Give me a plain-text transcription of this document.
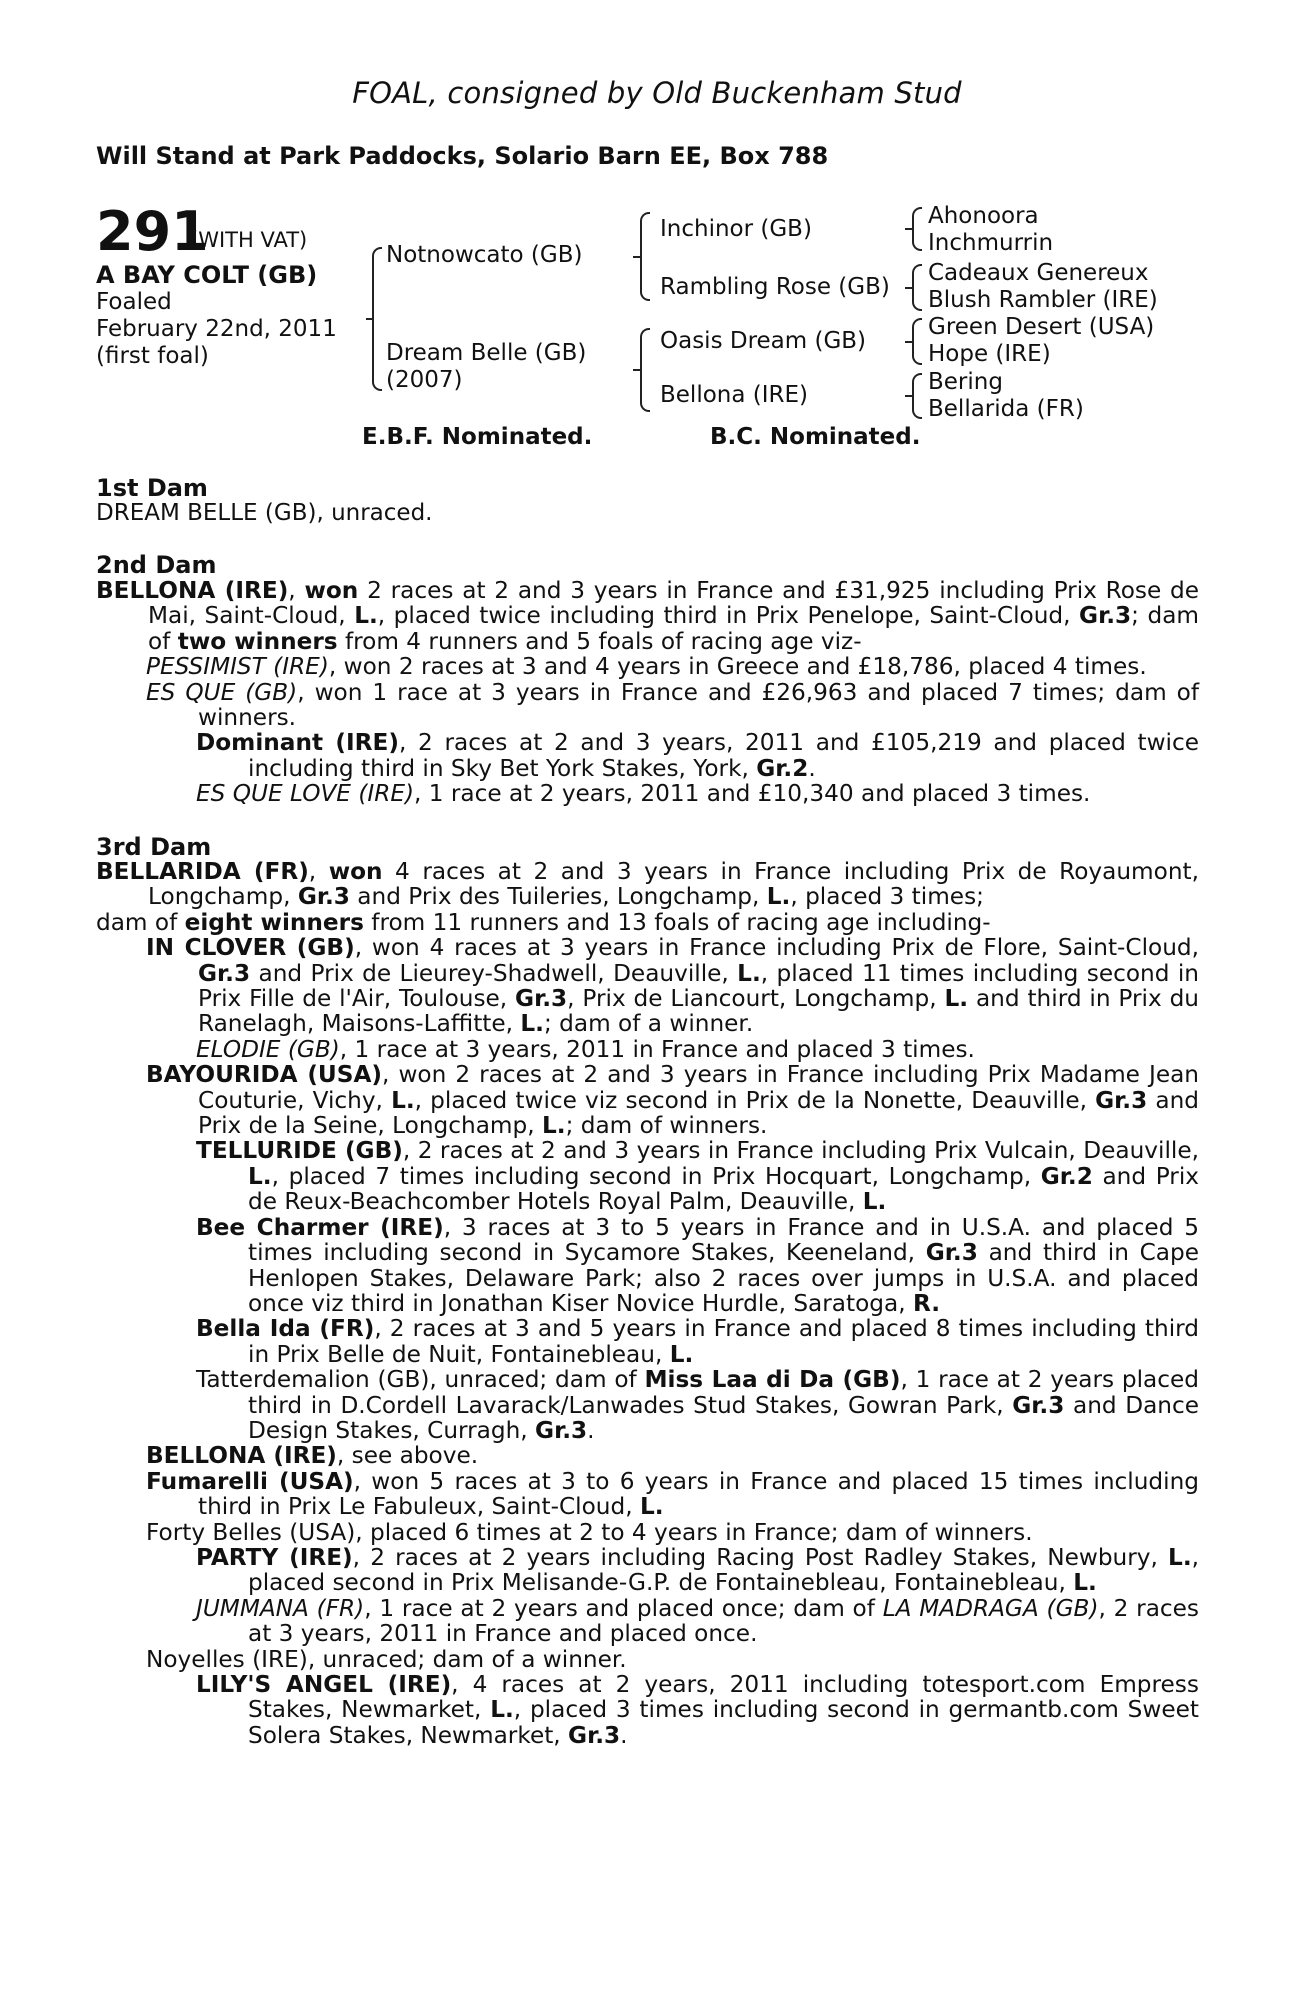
FOAL, consigned by Old Buckenham Stud
Will Stand at Park Paddocks, Solario Barn EE, Box 788
291
(WITH VAT)
A BAY COLT (GB)
Foaled
February 22nd, 2011
(first foal)
Notnowcato (GB)
Dream Belle (GB)
(2007)
Inchinor (GB)
Rambling Rose (GB)
Oasis Dream (GB)
Bellona (IRE)
Ahonoora
Inchmurrin
Cadeaux Genereux
Blush Rambler (IRE)
Green Desert (USA)
Hope (IRE)
Bering
Bellarida (FR)
E.B.F. Nominated.	B.C. Nominated.
1st Dam
DREAM BELLE (GB), unraced.
2nd Dam

BELLONA (IRE), won 2 races at 2 and 3 years in France and £31,925 including Prix Rose de Mai, Saint-Cloud, L., placed twice including third in Prix Penelope, Saint-Cloud, Gr.3; dam of two winners from 4 runners and 5 foals of racing age viz-

PESSIMIST (IRE), won 2 races at 3 and 4 years in Greece and £18,786, placed 4 times.

ES QUE (GB), won 1 race at 3 years in France and £26,963 and placed 7 times; dam of winners.

Dominant (IRE), 2 races at 2 and 3 years, 2011 and £105,219 and placed twice including third in Sky Bet York Stakes, York, Gr.2.

ES QUE LOVE (IRE), 1 race at 2 years, 2011 and £10,340 and placed 3 times.

3rd Dam

BELLARIDA (FR), won 4 races at 2 and 3 years in France including Prix de Royaumont, Longchamp, Gr.3 and Prix des Tuileries, Longchamp, L., placed 3 times;

dam of eight winners from 11 runners and 13 foals of racing age including-

IN CLOVER (GB), won 4 races at 3 years in France including Prix de Flore, Saint-Cloud, Gr.3 and Prix de Lieurey-Shadwell, Deauville, L., placed 11 times including second in Prix Fille de l'Air, Toulouse, Gr.3, Prix de Liancourt, Longchamp, L. and third in Prix du Ranelagh, Maisons-Laffitte, L.; dam of a winner.

ELODIE (GB), 1 race at 3 years, 2011 in France and placed 3 times.

BAYOURIDA (USA), won 2 races at 2 and 3 years in France including Prix Madame Jean Couturie, Vichy, L., placed twice viz second in Prix de la Nonette, Deauville, Gr.3 and Prix de la Seine, Longchamp, L.; dam of winners.

TELLURIDE (GB), 2 races at 2 and 3 years in France including Prix Vulcain, Deauville, L., placed 7 times including second in Prix Hocquart, Longchamp, Gr.2 and Prix de Reux-Beachcomber Hotels Royal Palm, Deauville, L.

Bee Charmer (IRE), 3 races at 3 to 5 years in France and in U.S.A. and placed 5 times including second in Sycamore Stakes, Keeneland, Gr.3 and third in Cape Henlopen Stakes, Delaware Park; also 2 races over jumps in U.S.A. and placed once viz third in Jonathan Kiser Novice Hurdle, Saratoga, R.

Bella Ida (FR), 2 races at 3 and 5 years in France and placed 8 times including third in Prix Belle de Nuit, Fontainebleau, L.

Tatterdemalion (GB), unraced; dam of Miss Laa di Da (GB), 1 race at 2 years placed third in D.Cordell Lavarack/Lanwades Stud Stakes, Gowran Park, Gr.3 and Dance Design Stakes, Curragh, Gr.3.

BELLONA (IRE), see above.

Fumarelli (USA), won 5 races at 3 to 6 years in France and placed 15 times including third in Prix Le Fabuleux, Saint-Cloud, L.

Forty Belles (USA), placed 6 times at 2 to 4 years in France; dam of winners.

PARTY (IRE), 2 races at 2 years including Racing Post Radley Stakes, Newbury, L., placed second in Prix Melisande-G.P. de Fontainebleau, Fontainebleau, L.

JUMMANA (FR), 1 race at 2 years and placed once; dam of LA MADRAGA (GB), 2 races at 3 years, 2011 in France and placed once.

Noyelles (IRE), unraced; dam of a winner.

LILY'S ANGEL (IRE), 4 races at 2 years, 2011 including totesport.com Empress Stakes, Newmarket, L., placed 3 times including second in germantb.com Sweet Solera Stakes, Newmarket, Gr.3.
